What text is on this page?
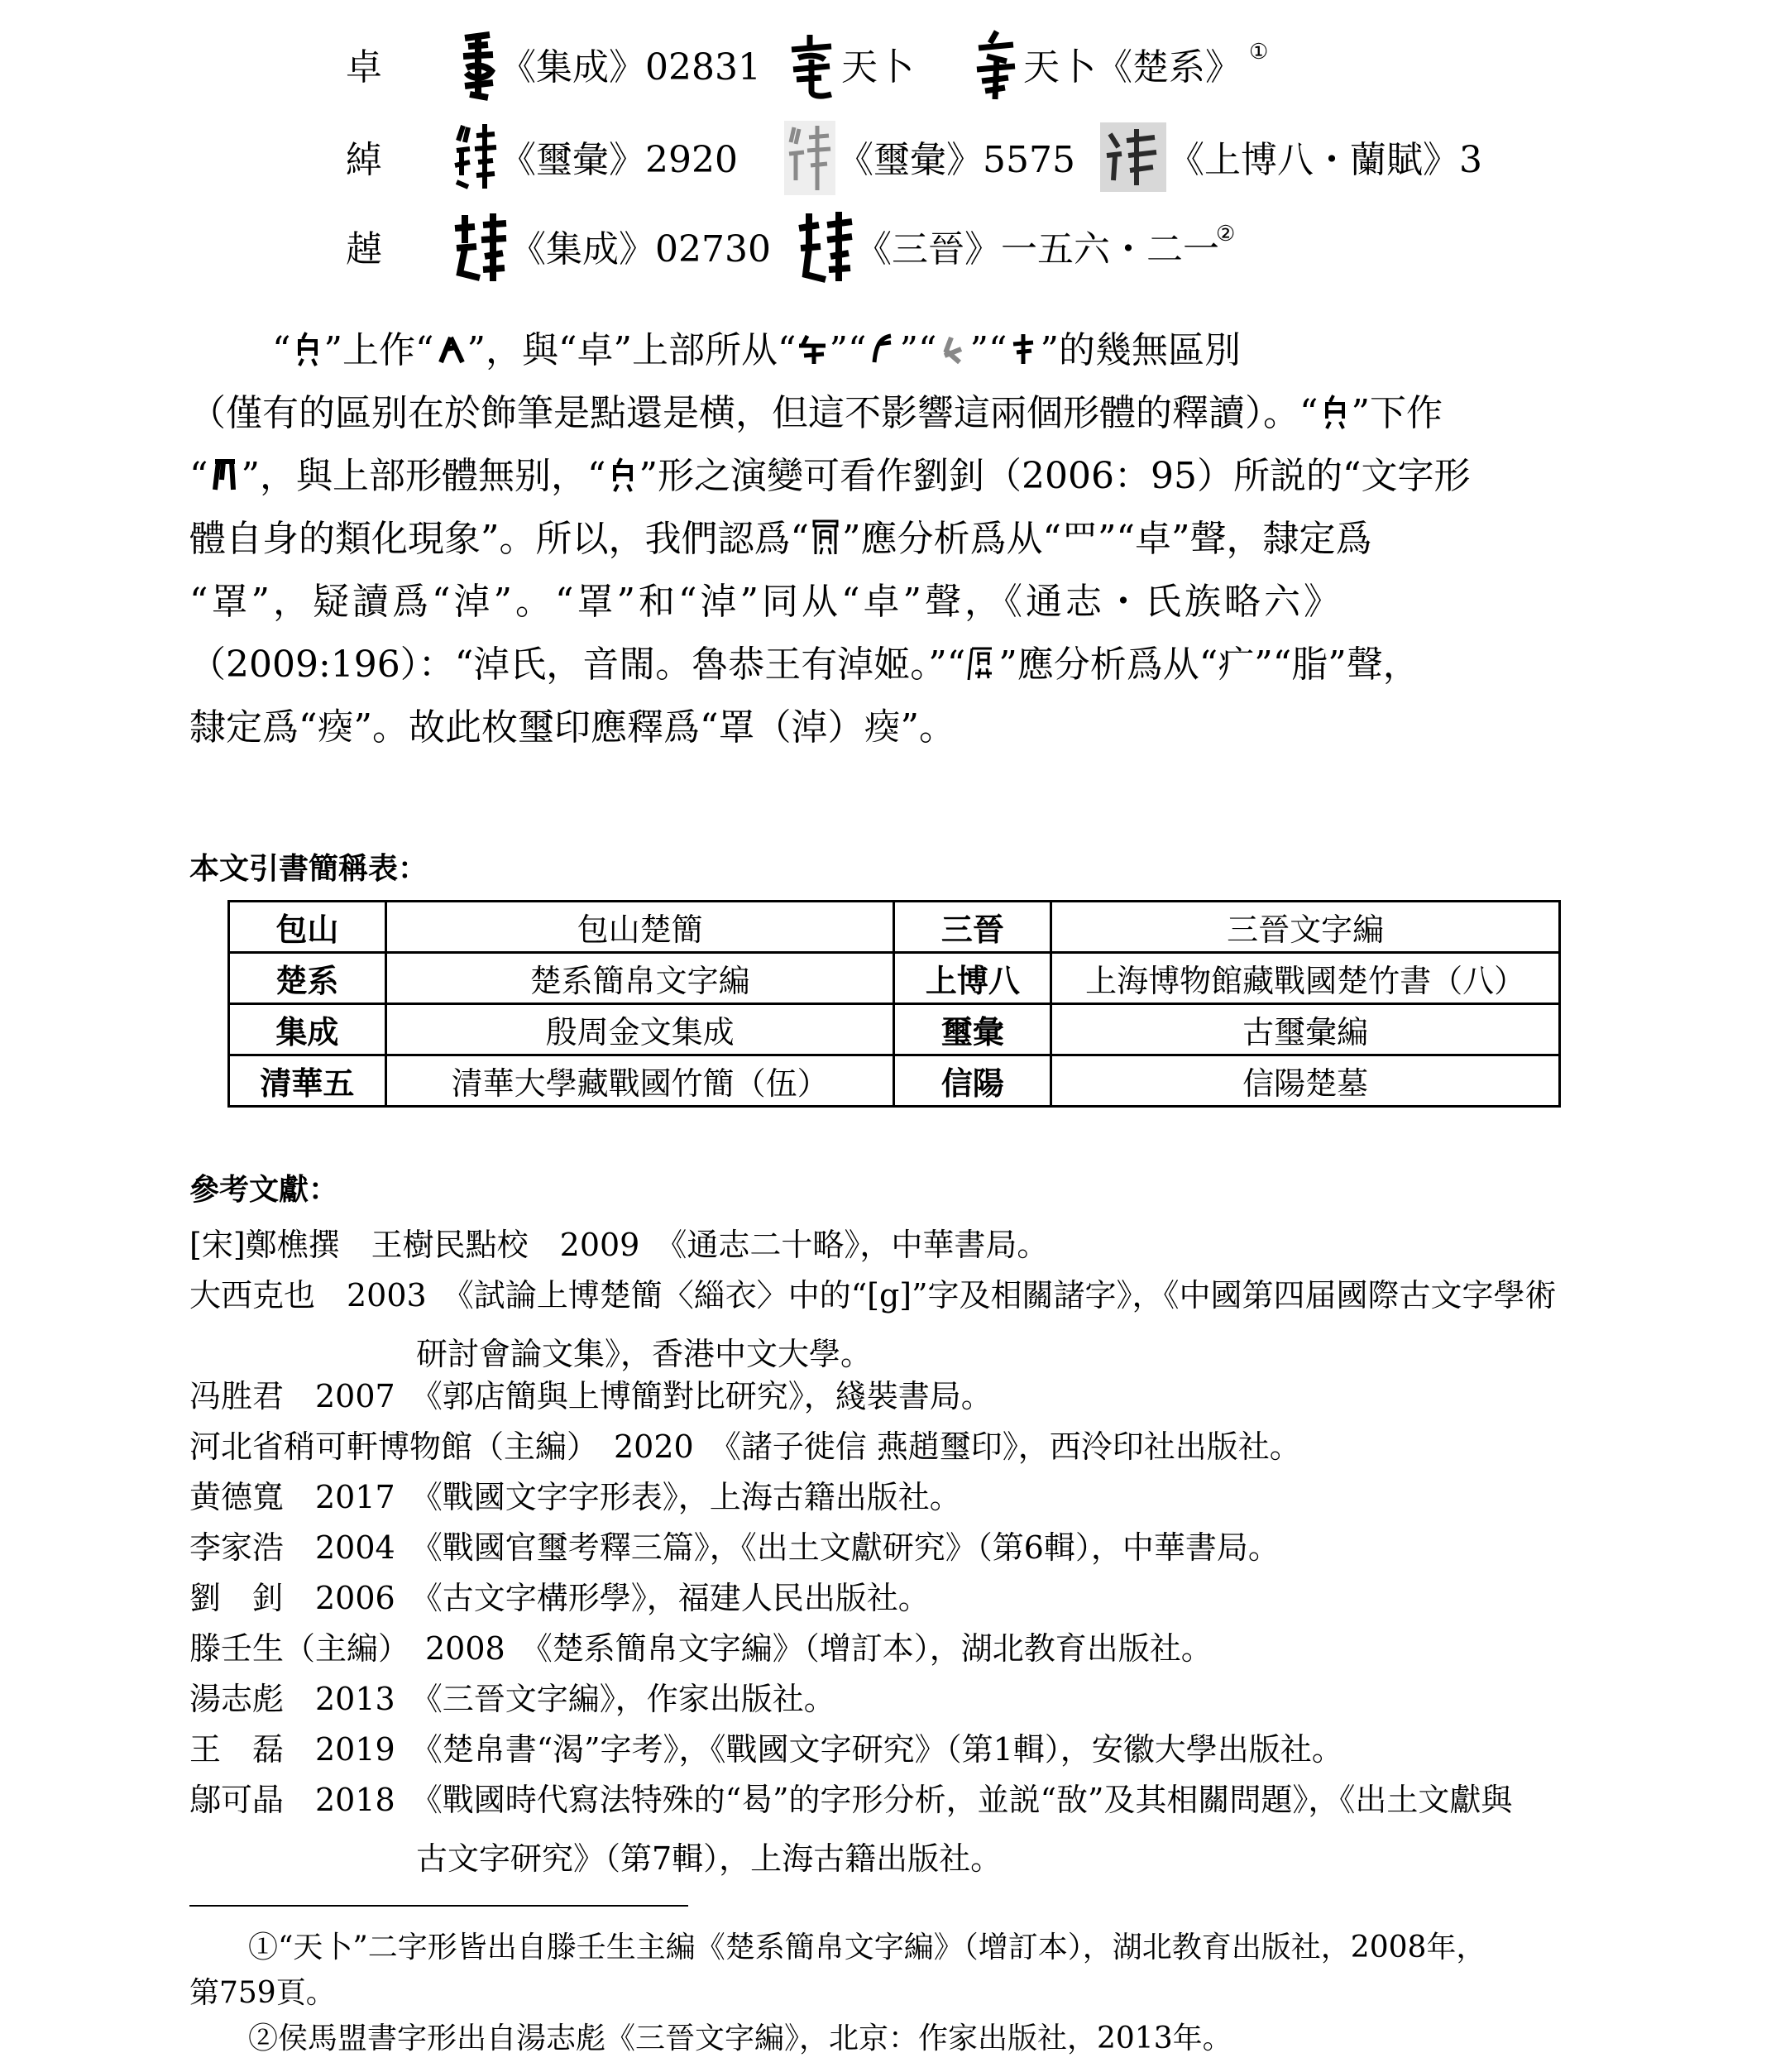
卓	《集成》02831 天卜	天卜《楚系》 ①
綽	《璽彙》2920	《璽彙》5575	《上博八・蘭賦》3
趠	《集成》02730 《三晉》一五六・二一
②
“ ”上作“ ”，與“卓”上部所从“ ”“ ”“ ”“ ”的幾無區別
（僅有的區别在於飾筆是點還是横，但這不影響這兩個形體的釋讀）。“ ”下作
“ ”，與上部形體無别，“ ”形之演變可看作劉釗（2006：95）所説的“文字形
體自身的類化現象”。所以，我們認爲“ ”應分析爲从“罒”“卓”聲，隸定爲
“罩”，疑讀爲“淖”。“罩”和“淖”同从“卓”聲，《通志・氏族略六》
（2009:196）：“淖氏，音閙。魯恭王有淖姬。”“ ”應分析爲从“疒”“脂”聲，
隸定爲“𤷿”。故此枚璽印應釋爲“罩（淖）𤷿”。
本文引書簡稱表：
包山	包山楚簡	三晉	三晉文字編
楚系	楚系簡帛文字編	上博八	上海博物館藏戰國楚竹書（八）
集成	殷周金文集成	璽彙	古璽彙編
清華五	清華大學藏戰國竹簡（伍）	信陽	信陽楚墓
參考文獻：
[宋]鄭樵撰　王樹民點校　2009　《通志二十略》，中華書局。
大西克也　2003　《試論上博楚簡〈緇衣〉中的“[g]”字及相關諸字》，《中國第四届國際古文字學術
研討會論文集》，香港中文大學。
冯胜君　2007　《郭店簡與上博簡對比研究》，綫裝書局。
河北省稍可軒博物館（主編）　2020　《諸子徙信 燕趙璽印》，西泠印社出版社。
黄德寬　2017　《戰國文字字形表》，上海古籍出版社。
李家浩　2004　《戰國官璽考釋三篇》，《出土文獻研究》（第6輯），中華書局。
劉　釗　2006　《古文字構形學》，福建人民出版社。
滕壬生（主編）　2008　《楚系簡帛文字編》（增訂本），湖北教育出版社。
湯志彪　2013　《三晉文字編》，作家出版社。
王　磊　2019　《楚帛書“渴”字考》，《戰國文字研究》（第1輯），安徽大學出版社。
鄔可晶　2018　《戰國時代寫法特殊的“曷”的字形分析，並説“敔”及其相關問題》，《出土文獻與
古文字研究》（第7輯），上海古籍出版社。
①“天卜”二字形皆出自滕壬生主編《楚系簡帛文字編》（增訂本），湖北教育出版社，2008年，
第759頁。
②侯馬盟書字形出自湯志彪《三晉文字編》，北京：作家出版社，2013年。
